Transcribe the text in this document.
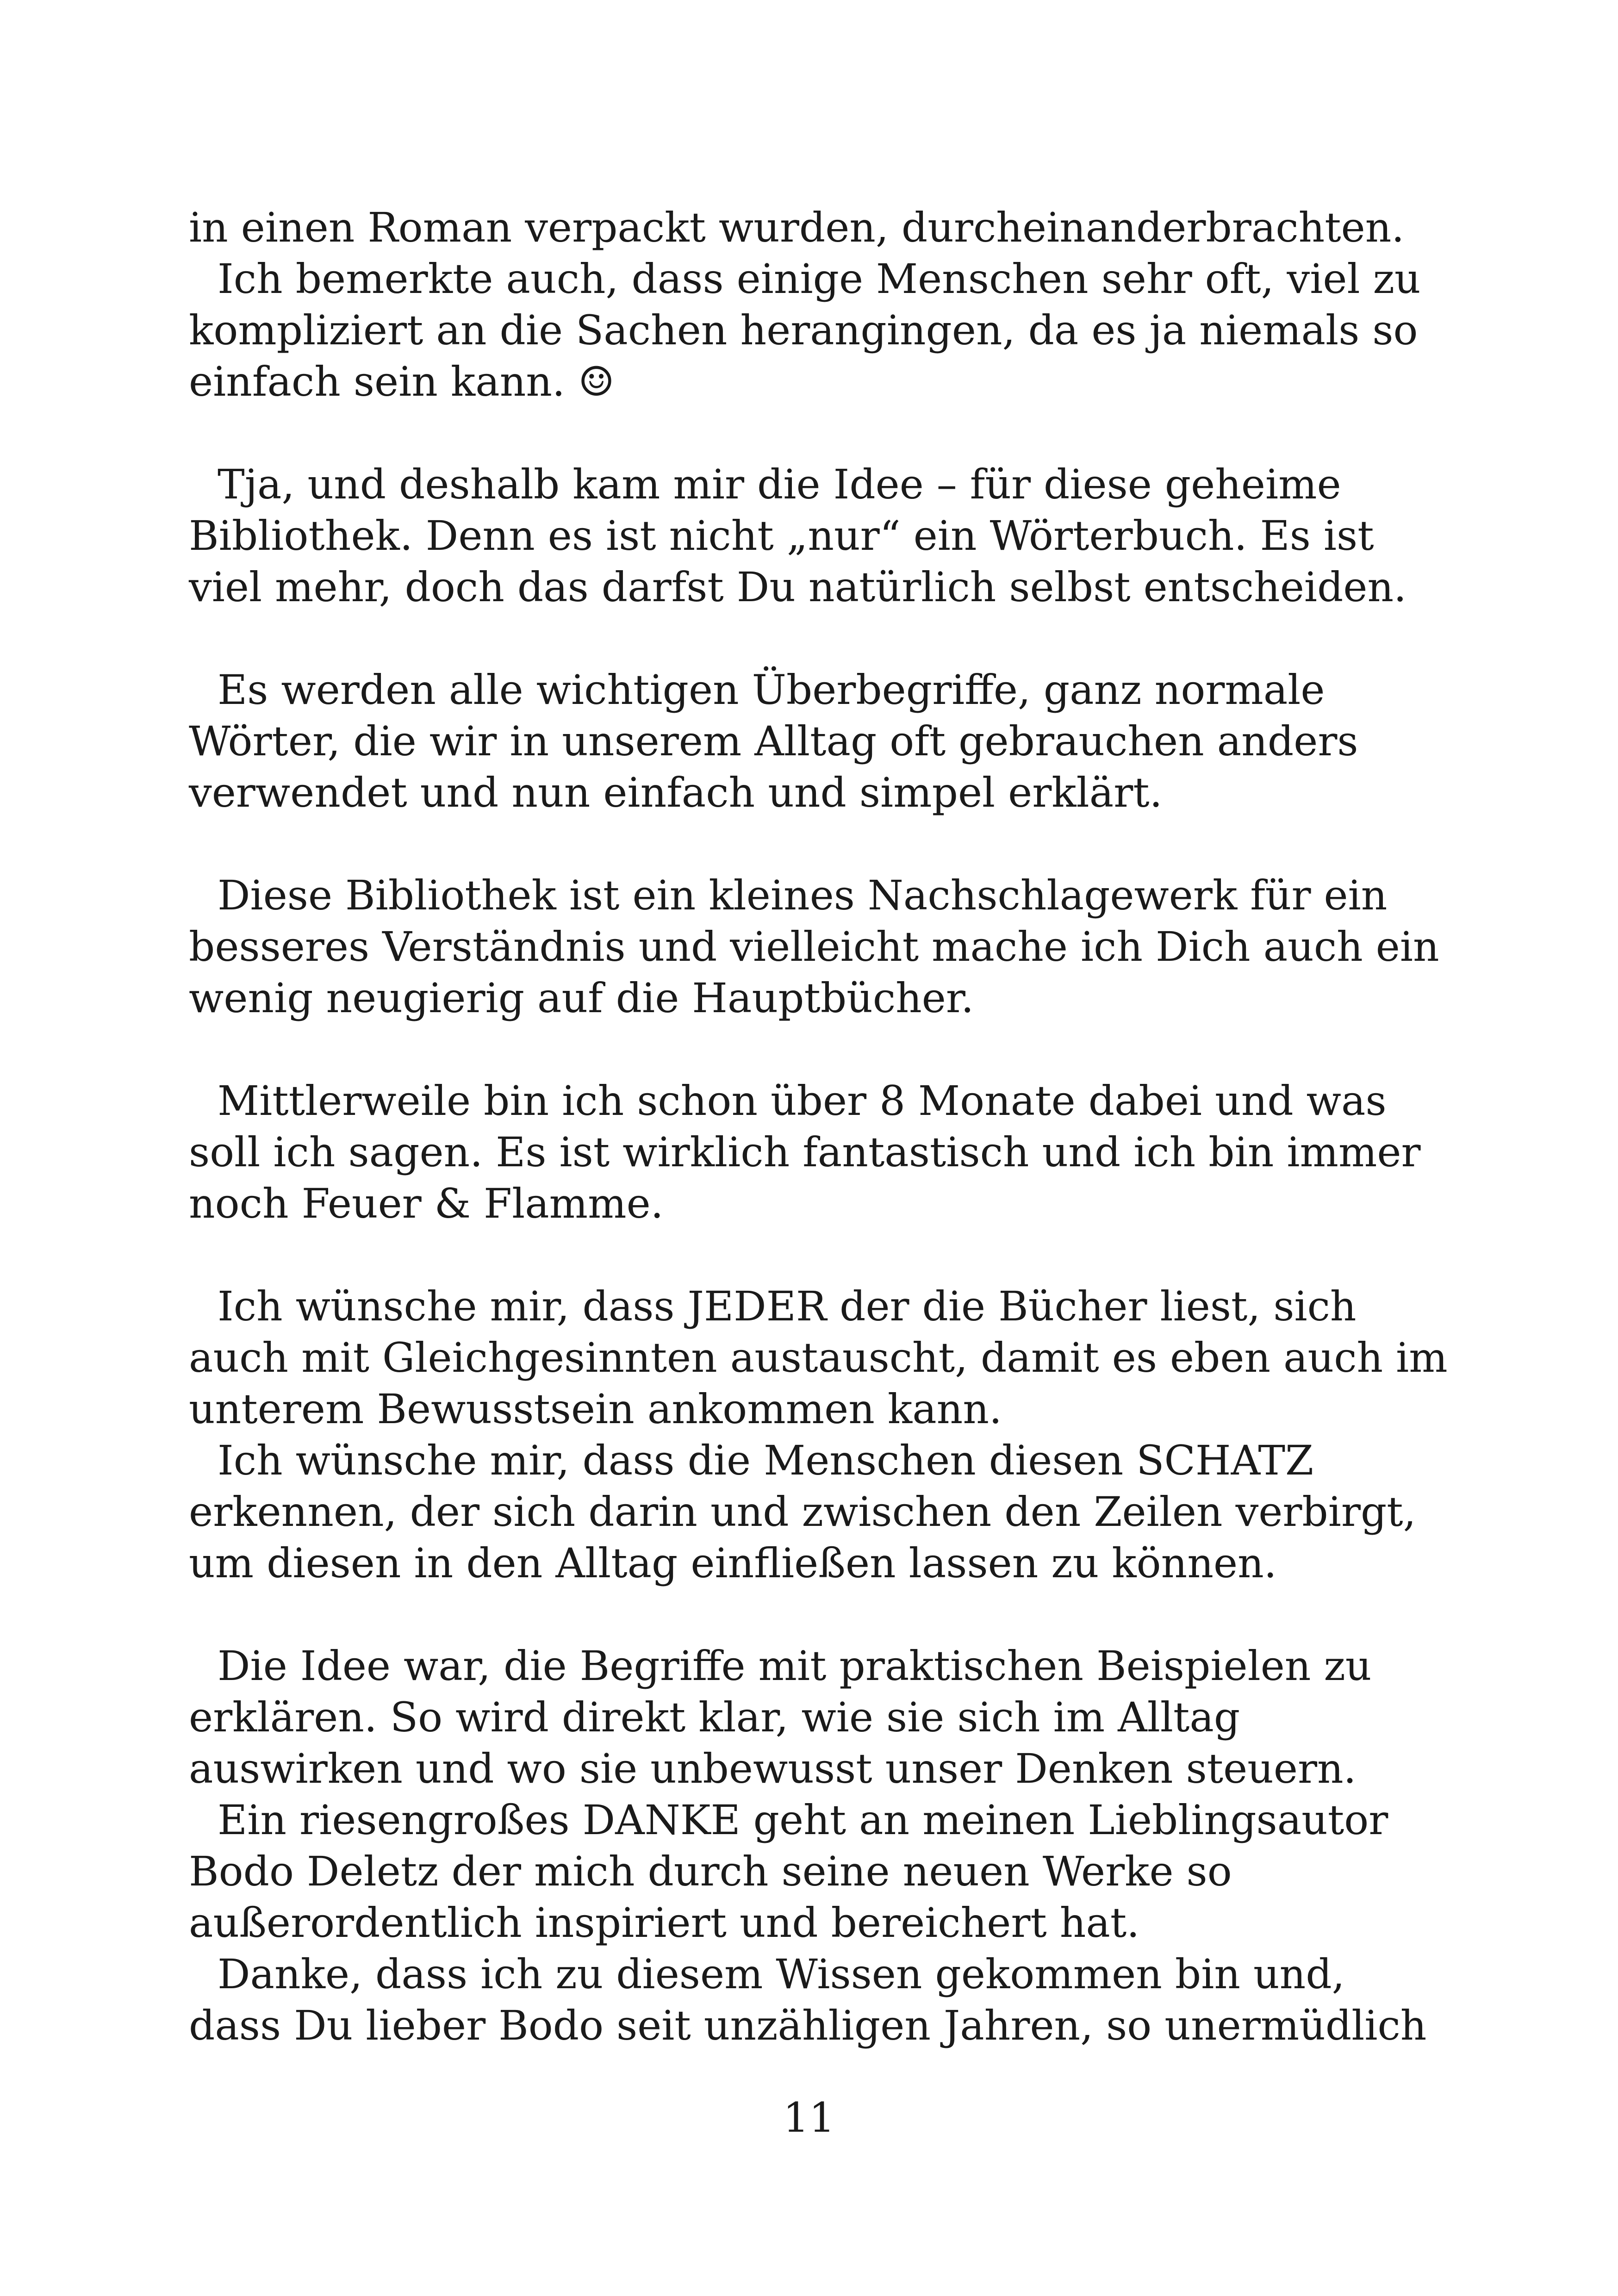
in einen Roman verpackt wurden, durcheinanderbrachten.
Ich bemerkte auch, dass einige Menschen sehr oft, viel zu
kompliziert an die Sachen herangingen, da es ja niemals so
einfach sein kann. ☺
Tja, und deshalb kam mir die Idee – für diese geheime
Bibliothek. Denn es ist nicht „nur“ ein Wörterbuch. Es ist
viel mehr, doch das darfst Du natürlich selbst entscheiden.
Es werden alle wichtigen Überbegriffe, ganz normale
Wörter, die wir in unserem Alltag oft gebrauchen anders
verwendet und nun einfach und simpel erklärt.
Diese Bibliothek ist ein kleines Nachschlagewerk für ein
besseres Verständnis und vielleicht mache ich Dich auch ein
wenig neugierig auf die Hauptbücher.
Mittlerweile bin ich schon über 8 Monate dabei und was
soll ich sagen. Es ist wirklich fantastisch und ich bin immer
noch Feuer & Flamme.
Ich wünsche mir, dass JEDER der die Bücher liest, sich
auch mit Gleichgesinnten austauscht, damit es eben auch im
unterem Bewusstsein ankommen kann.
Ich wünsche mir, dass die Menschen diesen SCHATZ
erkennen, der sich darin und zwischen den Zeilen verbirgt,
um diesen in den Alltag einfließen lassen zu können.
Die Idee war, die Begriffe mit praktischen Beispielen zu
erklären. So wird direkt klar, wie sie sich im Alltag
auswirken und wo sie unbewusst unser Denken steuern.
Ein riesengroßes DANKE geht an meinen Lieblingsautor
Bodo Deletz der mich durch seine neuen Werke so
außerordentlich inspiriert und bereichert hat.
Danke, dass ich zu diesem Wissen gekommen bin und,
dass Du lieber Bodo seit unzähligen Jahren, so unermüdlich
11
